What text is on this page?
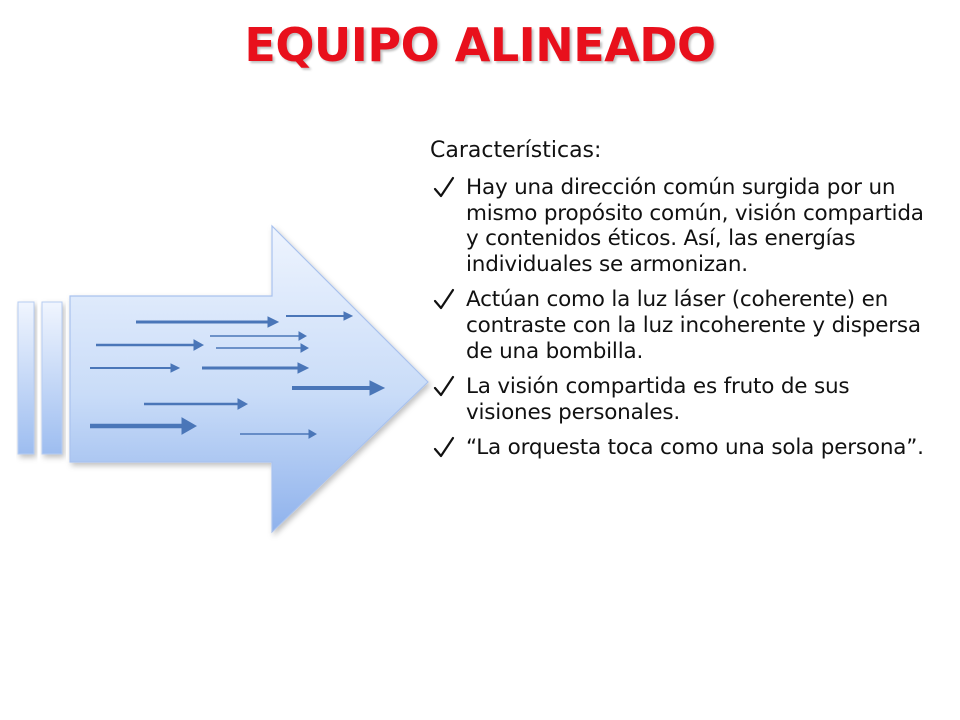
EQUIPO ALINEADO
Características:
Hay una dirección común surgida por un mismo propósito común, visión compartida y contenidos éticos. Así, las energías individuales se armonizan.
Actúan como la luz láser (coherente) en contraste con la luz incoherente y dispersa de una bombilla.
La visión compartida es fruto de sus visiones personales.
“La orquesta toca como una sola persona”.
